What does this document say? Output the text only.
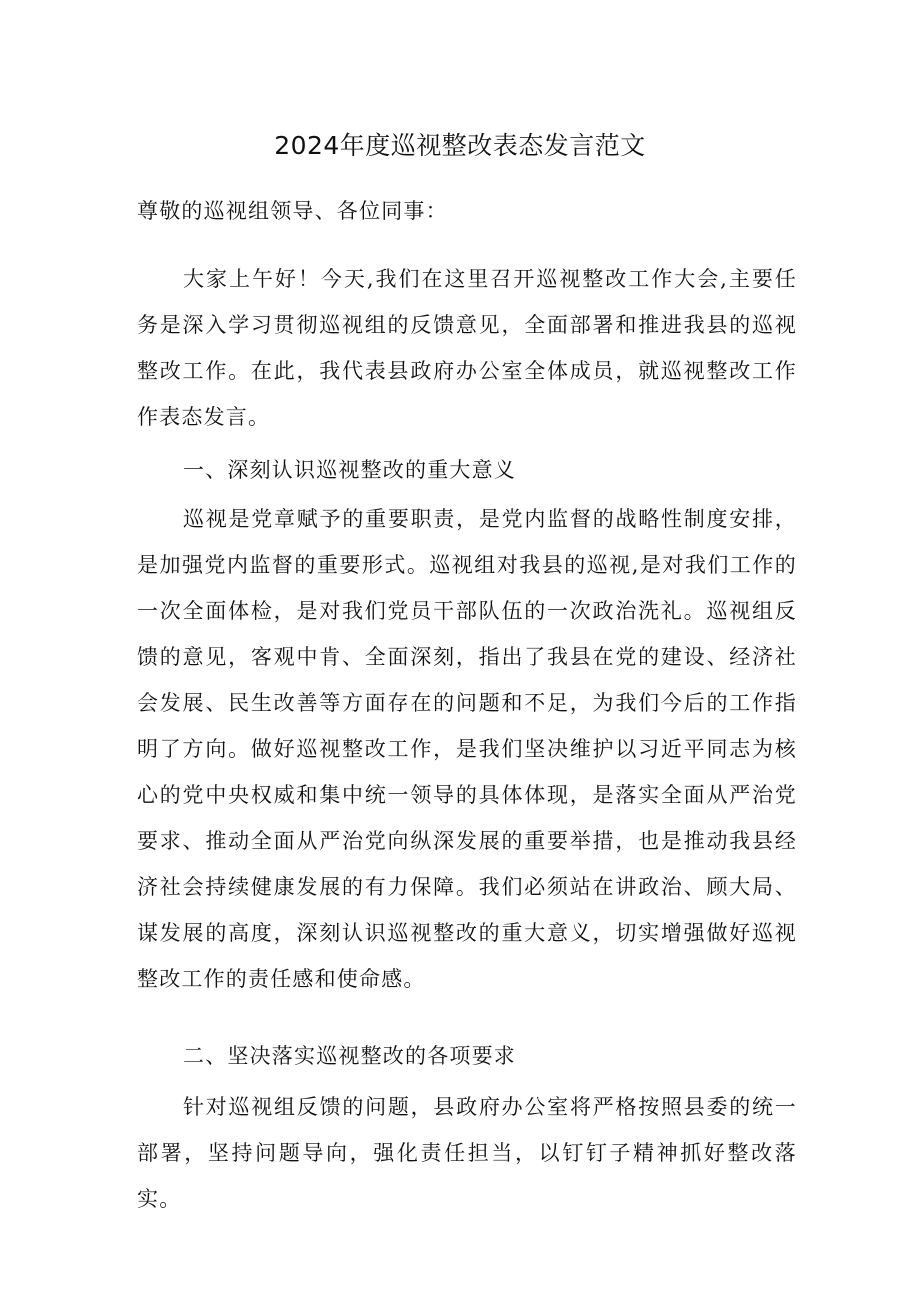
2024年度巡视整改表态发言范文
尊敬的巡视组领导、各位同事：

大家上午好！今天,我们在这里召开巡视整改工作大会,主要任务是深入学习贯彻巡视组的反馈意见，全面部署和推进我县的巡视整改工作。在此，我代表县政府办公室全体成员，就巡视整改工作作表态发言。

一、深刻认识巡视整改的重大意义

巡视是党章赋予的重要职责，是党内监督的战略性制度安排，是加强党内监督的重要形式。巡视组对我县的巡视,是对我们工作的一次全面体检，是对我们党员干部队伍的一次政治洗礼。巡视组反馈的意见，客观中肯、全面深刻，指出了我县在党的建设、经济社会发展、民生改善等方面存在的问题和不足，为我们今后的工作指明了方向。做好巡视整改工作，是我们坚决维护以习近平同志为核心的党中央权威和集中统一领导的具体体现，是落实全面从严治党要求、推动全面从严治党向纵深发展的重要举措，也是推动我县经济社会持续健康发展的有力保障。我们必须站在讲政治、顾大局、谋发展的高度，深刻认识巡视整改的重大意义，切实增强做好巡视整改工作的责任感和使命感。

二、坚决落实巡视整改的各项要求

针对巡视组反馈的问题，县政府办公室将严格按照县委的统一部署，坚持问题导向，强化责任担当，以钉钉子精神抓好整改落实。
